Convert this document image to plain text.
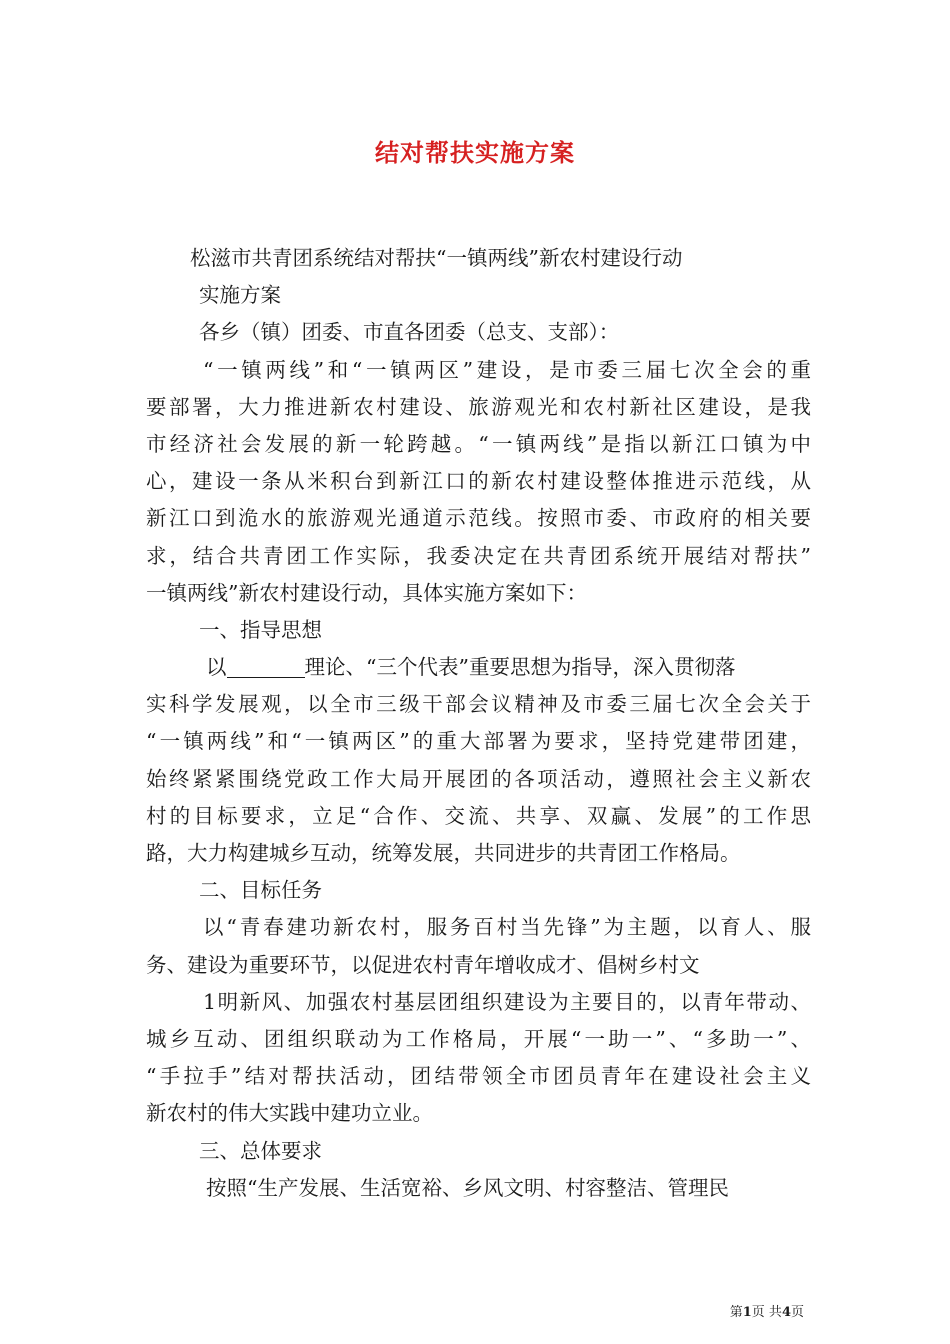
结对帮扶实施方案
松滋市共青团系统结对帮扶“一镇两线”新农村建设行动
实施方案
各乡（镇）团委、市直各团委（总支、支部）：
“一镇两线”和“一镇两区”建设，是市委三届七次全会的重
要部署，大力推进新农村建设、旅游观光和农村新社区建设，是我
市经济社会发展的新一轮跨越。“一镇两线”是指以新江口镇为中
心，建设一条从米积台到新江口的新农村建设整体推进示范线，从
新江口到洈水的旅游观光通道示范线。按照市委、市政府的相关要
求，结合共青团工作实际，我委决定在共青团系统开展结对帮扶”
一镇两线”新农村建设行动，具体实施方案如下：
一、指导思想
以	理论、“三个代表”重要思想为指导，深入贯彻落
实科学发展观，以全市三级干部会议精神及市委三届七次全会关于
“一镇两线”和“一镇两区”的重大部署为要求，坚持党建带团建，
始终紧紧围绕党政工作大局开展团的各项活动，遵照社会主义新农
村的目标要求，立足“合作、交流、共享、双赢、发展”的工作思
路，大力构建城乡互动，统筹发展，共同进步的共青团工作格局。
二、目标任务
以“青春建功新农村，服务百村当先锋”为主题，以育人、服
务、建设为重要环节，以促进农村青年增收成才、倡树乡村文
1明新风、加强农村基层团组织建设为主要目的，以青年带动、
城乡互动、团组织联动为工作格局，开展“一助一”、“多助一”、
“手拉手”结对帮扶活动，团结带领全市团员青年在建设社会主义
新农村的伟大实践中建功立业。
三、总体要求
按照“生产发展、生活宽裕、乡风文明、村容整洁、管理民
第1页 共4页
